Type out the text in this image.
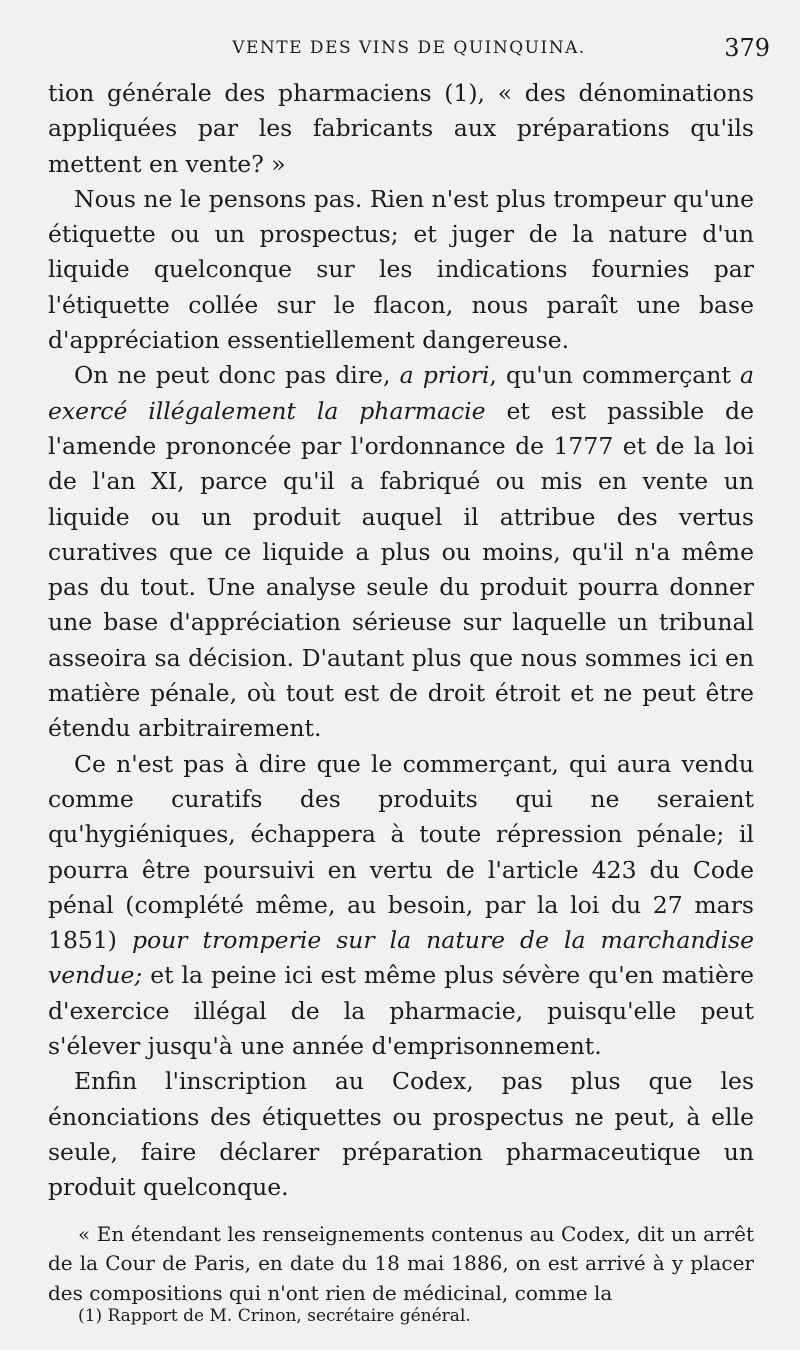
VENTE DES VINS DE QUINQUINA.	379

tion générale des pharmaciens (1), « des dénominations appliquées par les fabricants aux préparations qu'ils mettent en vente? »

Nous ne le pensons pas. Rien n'est plus trompeur qu'une étiquette ou un prospectus; et juger de la nature d'un liquide quelconque sur les indications fournies par l'étiquette collée sur le flacon, nous paraît une base d'appréciation essentiellement dangereuse.

On ne peut donc pas dire, a priori, qu'un commerçant a exercé illégalement la pharmacie et est passible de l'amende prononcée par l'ordonnance de 1777 et de la loi de l'an XI, parce qu'il a fabriqué ou mis en vente un liquide ou un produit auquel il attribue des vertus curatives que ce liquide a plus ou moins, qu'il n'a même pas du tout. Une analyse seule du produit pourra donner une base d'appréciation sérieuse sur laquelle un tribunal asseoira sa décision. D'autant plus que nous sommes ici en matière pénale, où tout est de droit étroit et ne peut être étendu arbitrairement.

Ce n'est pas à dire que le commerçant, qui aura vendu comme curatifs des produits qui ne seraient qu'hygiéniques, échappera à toute répression pénale; il pourra être poursuivi en vertu de l'article 423 du Code pénal (complété même, au besoin, par la loi du 27 mars 1851) pour tromperie sur la nature de la marchandise vendue; et la peine ici est même plus sévère qu'en matière d'exercice illégal de la pharmacie, puisqu'elle peut s'élever jusqu'à une année d'emprisonnement.

Enfin l'inscription au Codex, pas plus que les énonciations des étiquettes ou prospectus ne peut, à elle seule, faire déclarer préparation pharmaceutique un produit quelconque.

« En étendant les renseignements contenus au Codex, dit un arrêt de la Cour de Paris, en date du 18 mai 1886, on est arrivé à y placer des compositions qui n'ont rien de médicinal, comme la

(1) Rapport de M. Crinon, secrétaire général.
